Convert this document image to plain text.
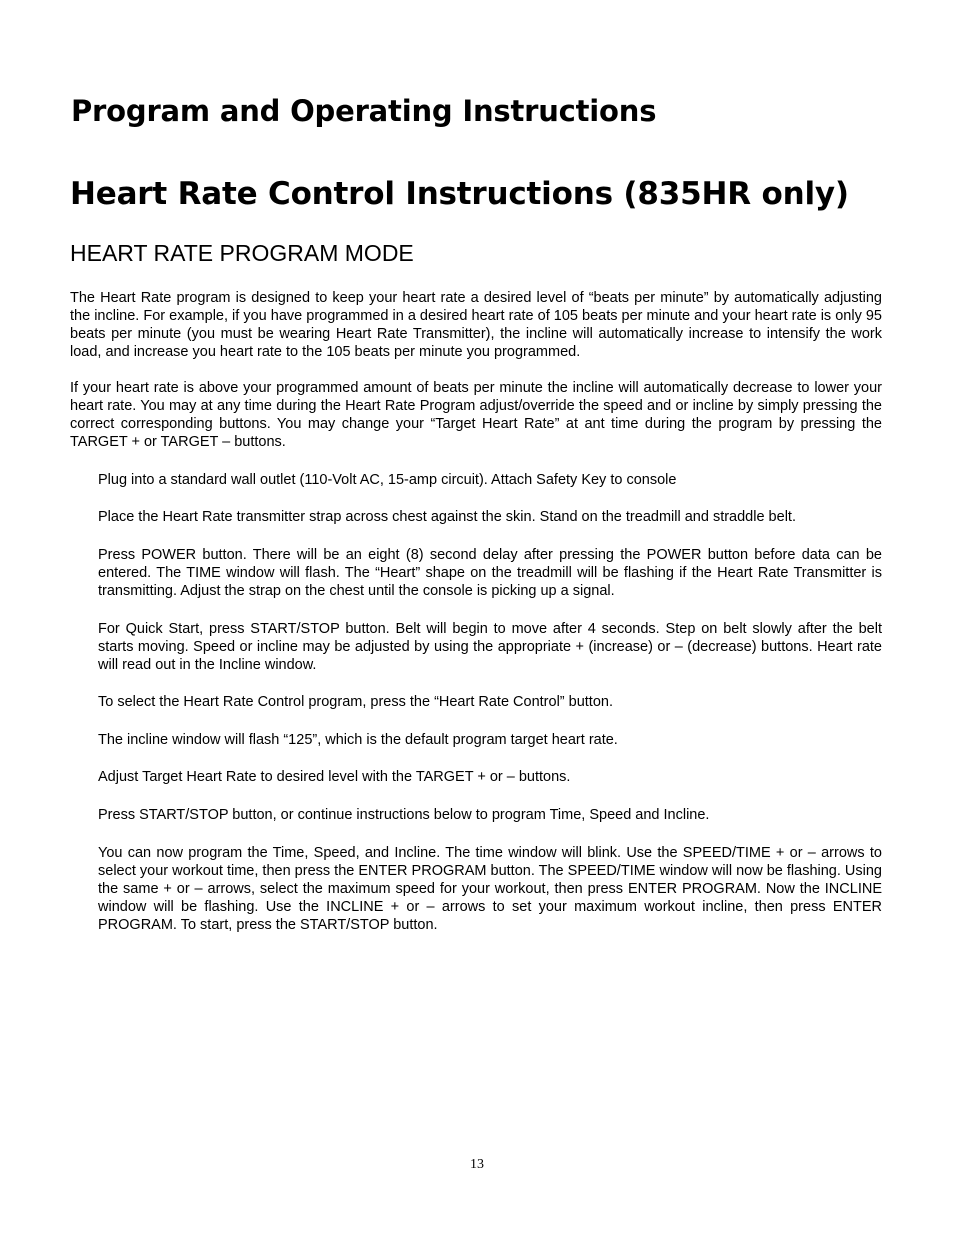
Program and Operating Instructions
Heart Rate Control Instructions (835HR only)
HEART RATE PROGRAM MODE

The Heart Rate program is designed to keep your heart rate a desired level of “beats per minute” by automatically adjusting the incline. For example, if you have programmed in a desired heart rate of 105 beats per minute and your heart rate is only 95 beats per minute (you must be wearing Heart Rate Transmitter), the incline will automatically increase to intensify the work load, and increase you heart rate to the 105 beats per minute you programmed.

If your heart rate is above your programmed amount of beats per minute the incline will automatically decrease to lower your heart rate. You may at any time during the Heart Rate Program adjust/override the speed and or incline by simply pressing the correct corresponding buttons. You may change your “Target Heart Rate” at ant time during the program by pressing the TARGET + or TARGET – buttons.

Plug into a standard wall outlet (110-Volt AC, 15-amp circuit). Attach Safety Key to console

Place the Heart Rate transmitter strap across chest against the skin. Stand on the treadmill and straddle belt.

Press POWER button. There will be an eight (8) second delay after pressing the POWER button before data can be entered. The TIME window will flash. The “Heart” shape on the treadmill will be flashing if the Heart Rate Transmitter is transmitting. Adjust the strap on the chest until the console is picking up a signal.

For Quick Start, press START/STOP button. Belt will begin to move after 4 seconds. Step on belt slowly after the belt starts moving. Speed or incline may be adjusted by using the appropriate + (increase) or – (decrease) buttons. Heart rate will read out in the Incline window.

To select the Heart Rate Control program, press the “Heart Rate Control” button.

The incline window will flash “125”, which is the default program target heart rate.

Adjust Target Heart Rate to desired level with the TARGET + or – buttons.

Press START/STOP button, or continue instructions below to program Time, Speed and Incline.

You can now program the Time, Speed, and Incline. The time window will blink. Use the SPEED/TIME + or – arrows to select your workout time, then press the ENTER PROGRAM button. The SPEED/TIME window will now be flashing. Using the same + or – arrows, select the maximum speed for your workout, then press ENTER PROGRAM. Now the INCLINE window will be flashing. Use the INCLINE + or – arrows to set your maximum workout incline, then press ENTER PROGRAM. To start, press the START/STOP button.

13
